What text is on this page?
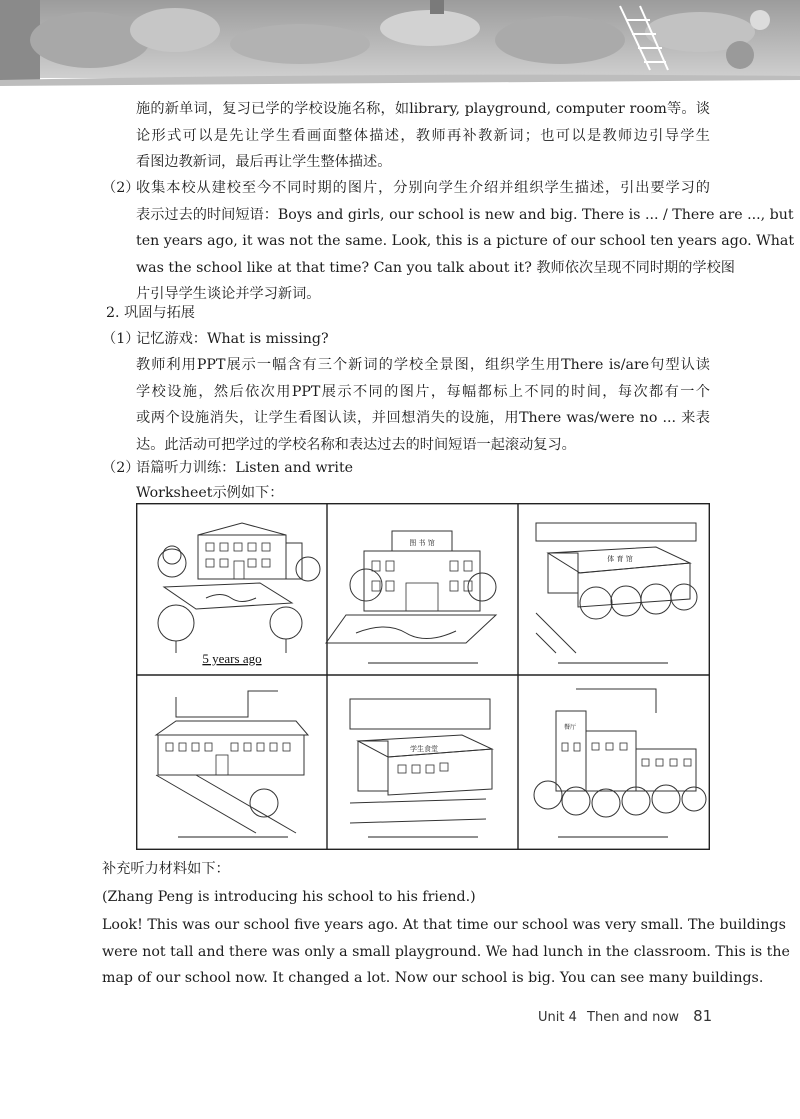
施的新单词，复习已学的学校设施名称，如library, playground, computer room等。谈
论形式可以是先让学生看画面整体描述，教师再补教新词；也可以是教师边引导学生
看图边教新词，最后再让学生整体描述。
（2）
收集本校从建校至今不同时期的图片，分别向学生介绍并组织学生描述，引出要学习的
表示过去的时间短语：Boys and girls, our school is new and big. There is ... / There are ..., but
ten years ago, it was not the same. Look, this is a picture of our school ten years ago. What
was the school like at that time? Can you talk about it? 教师依次呈现不同时期的学校图
片引导学生谈论并学习新词。
2. 巩固与拓展
（1）
记忆游戏：What is missing?
教师利用PPT展示一幅含有三个新词的学校全景图，组织学生用There is/are句型认读
学校设施，然后依次用PPT展示不同的图片，每幅都标上不同的时间，每次都有一个
或两个设施消失，让学生看图认读，并回想消失的设施，用There was/were no ... 来表
达。此活动可把学过的学校名称和表达过去的时间短语一起滚动复习。
（2）
语篇听力训练：Listen and write
Worksheet示例如下：
图 书 馆
体 育 馆
学生食堂
餐厅
5 years ago
补充听力材料如下：
(Zhang Peng is introducing his school to his friend.)
Look! This was our school five years ago. At that time our school was very small. The buildings
were not tall and there was only a small playground. We had lunch in the classroom. This is the
map of our school now. It changed a lot. Now our school is big. You can see many buildings.
Unit 4 Then and now 81
